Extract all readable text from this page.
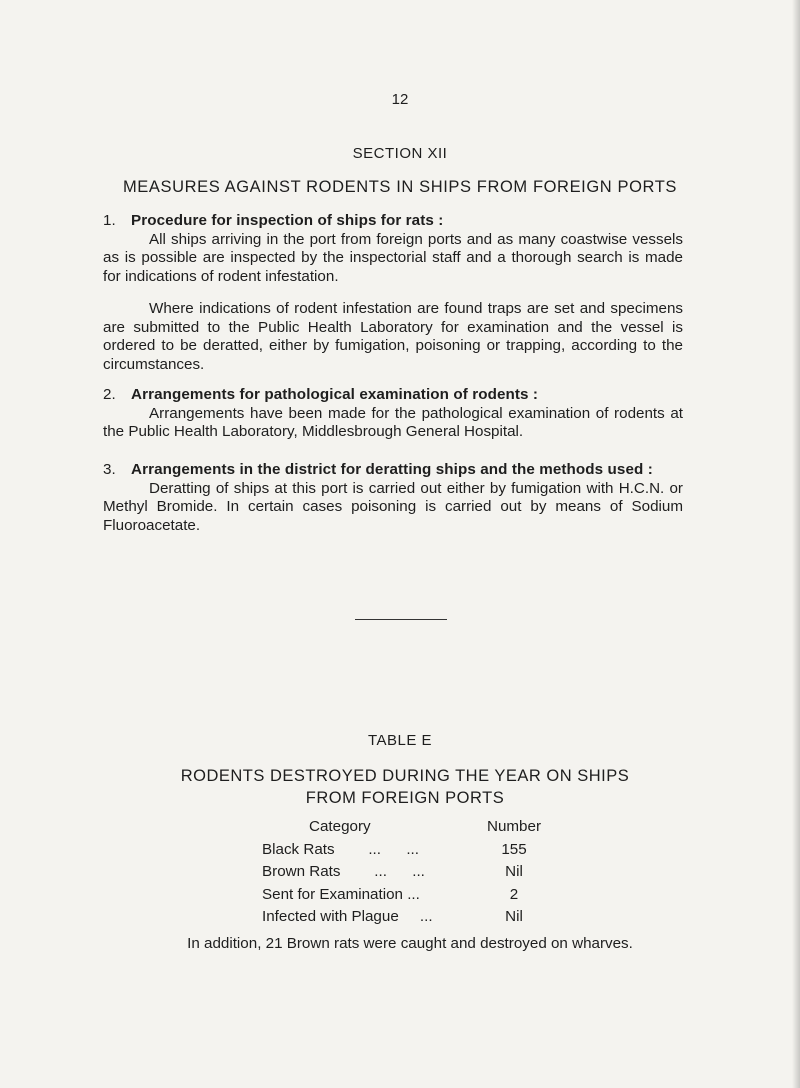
12
SECTION XII
MEASURES AGAINST RODENTS IN SHIPS FROM FOREIGN PORTS

1. Procedure for inspection of ships for rats :

All ships arriving in the port from foreign ports and as many coastwise vessels as is possible are inspected by the inspectorial staff and a thorough search is made for indications of rodent infestation.

Where indications of rodent infestation are found traps are set and specimens are submitted to the Public Health Laboratory for examination and the vessel is ordered to be deratted, either by fumigation, poisoning or trapping, according to the circumstances.

2. Arrangements for pathological examination of rodents :

Arrangements have been made for the pathological examination of rodents at the Public Health Laboratory, Middlesbrough General Hospital.

3. Arrangements in the district for deratting ships and the methods used :

Deratting of ships at this port is carried out either by fumigation with H.C.N. or Methyl Bromide. In certain cases poisoning is carried out by means of Sodium Fluoroacetate.

TABLE E
RODENTS DESTROYED DURING THE YEAR ON SHIPS FROM FOREIGN PORTS
Category	Number
Black Rats        ...      ...	155
Brown Rats        ...      ...	Nil
Sent for Examination ...	2
Infected with Plague     ...	Nil
In addition, 21 Brown rats were caught and destroyed on wharves.
